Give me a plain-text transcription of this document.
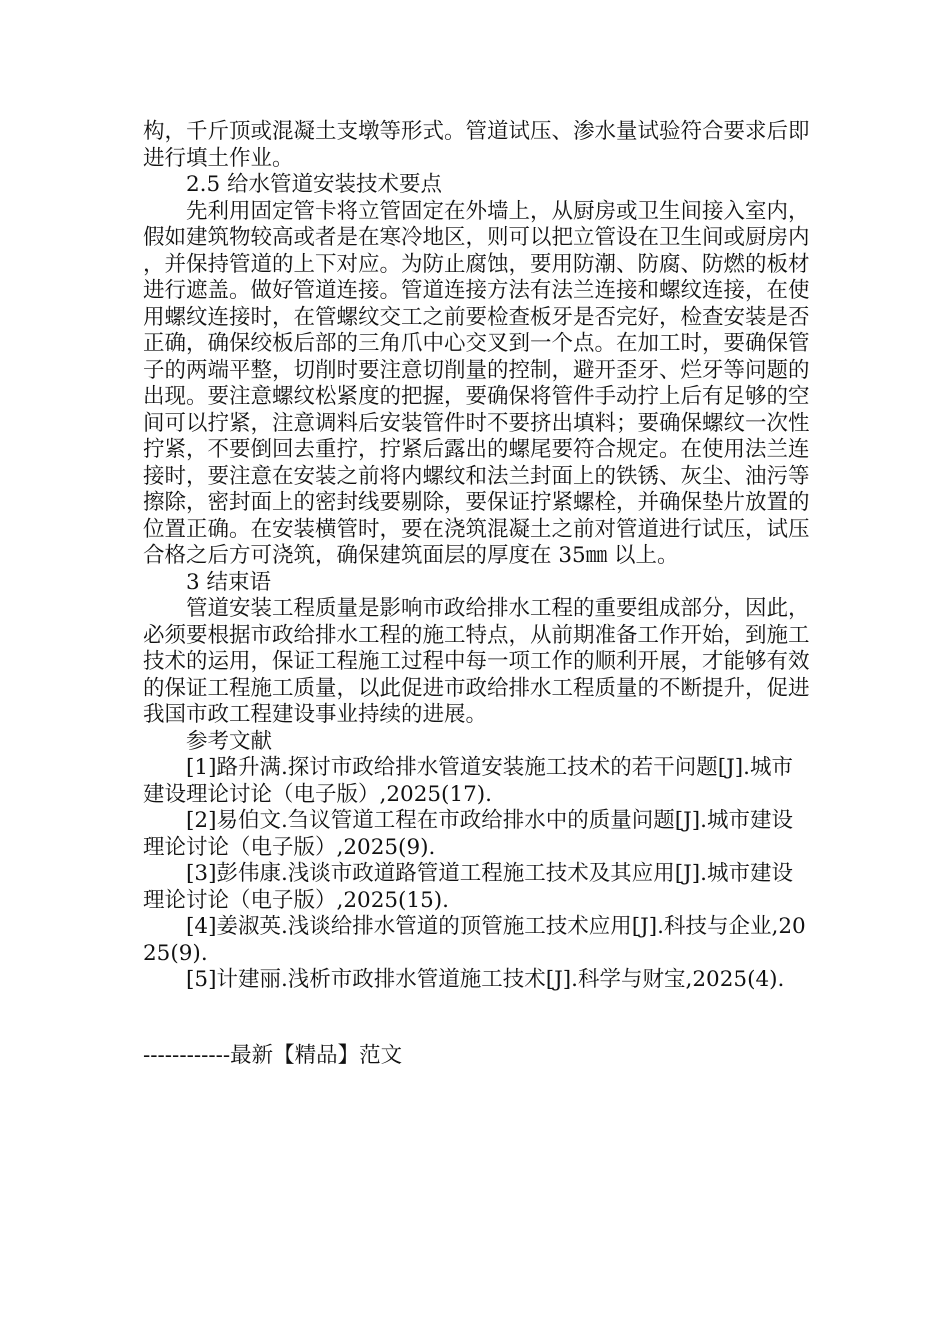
构，千斤顶或混凝土支墩等形式。管道试压、渗水量试验符合要求后即进行填土作业。

2.5 给水管道安装技术要点

先利用固定管卡将立管固定在外墙上，从厨房或卫生间接入室内，假如建筑物较高或者是在寒冷地区，则可以把立管设在卫生间或厨房内，并保持管道的上下对应。为防止腐蚀，要用防潮、防腐、防燃的板材进行遮盖。做好管道连接。管道连接方法有法兰连接和螺纹连接，在使用螺纹连接时，在管螺纹交工之前要检查板牙是否完好，检查安装是否正确，确保绞板后部的三角爪中心交叉到一个点。在加工时，要确保管子的两端平整，切削时要注意切削量的控制，避开歪牙、烂牙等问题的出现。要注意螺纹松紧度的把握，要确保将管件手动拧上后有足够的空间可以拧紧，注意调料后安装管件时不要挤出填料；要确保螺纹一次性拧紧，不要倒回去重拧，拧紧后露出的螺尾要符合规定。在使用法兰连接时，要注意在安装之前将内螺纹和法兰封面上的铁锈、灰尘、油污等擦除，密封面上的密封线要剔除，要保证拧紧螺栓，并确保垫片放置的位置正确。在安装横管时，要在浇筑混凝土之前对管道进行试压，试压合格之后方可浇筑，确保建筑面层的厚度在 35㎜ 以上。

3 结束语

管道安装工程质量是影响市政给排水工程的重要组成部分，因此，必须要根据市政给排水工程的施工特点，从前期准备工作开始，到施工技术的运用，保证工程施工过程中每一项工作的顺利开展，才能够有效的保证工程施工质量，以此促进市政给排水工程质量的不断提升，促进我国市政工程建设事业持续的进展。

参考文献

[1]路升满.探讨市政给排水管道安装施工技术的若干问题[J].城市建设理论讨论（电子版）,2025(17).
[2]易伯文.刍议管道工程在市政给排水中的质量问题[J].城市建设理论讨论（电子版）,2025(9).
[3]彭伟康.浅谈市政道路管道工程施工技术及其应用[J].城市建设理论讨论（电子版）,2025(15).
[4]姜淑英.浅谈给排水管道的顶管施工技术应用[J].科技与企业,2025(9).
[5]计建丽.浅析市政排水管道施工技术[J].科学与财宝,2025(4).
------------最新【精品】范文
